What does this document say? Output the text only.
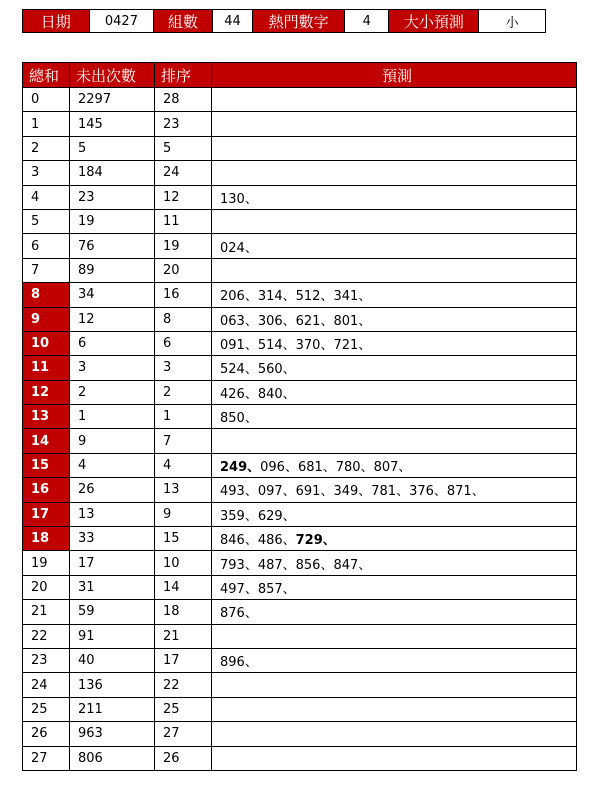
日期	0427	組數	44	熱門數字	4	大小預測	小
總和	未出次數	排序	預測
0	2297	28	
1	145	23	
2	5	5	
3	184	24	
4	23	12	130、
5	19	11	
6	76	19	024、
7	89	20	
8	34	16	206、314、512、341、
9	12	8	063、306、621、801、
10	6	6	091、514、370、721、
11	3	3	524、560、
12	2	2	426、840、
13	1	1	850、
14	9	7	
15	4	4	249、096、681、780、807、
16	26	13	493、097、691、349、781、376、871、
17	13	9	359、629、
18	33	15	846、486、729、
19	17	10	793、487、856、847、
20	31	14	497、857、
21	59	18	876、
22	91	21	
23	40	17	896、
24	136	22	
25	211	25	
26	963	27	
27	806	26	
